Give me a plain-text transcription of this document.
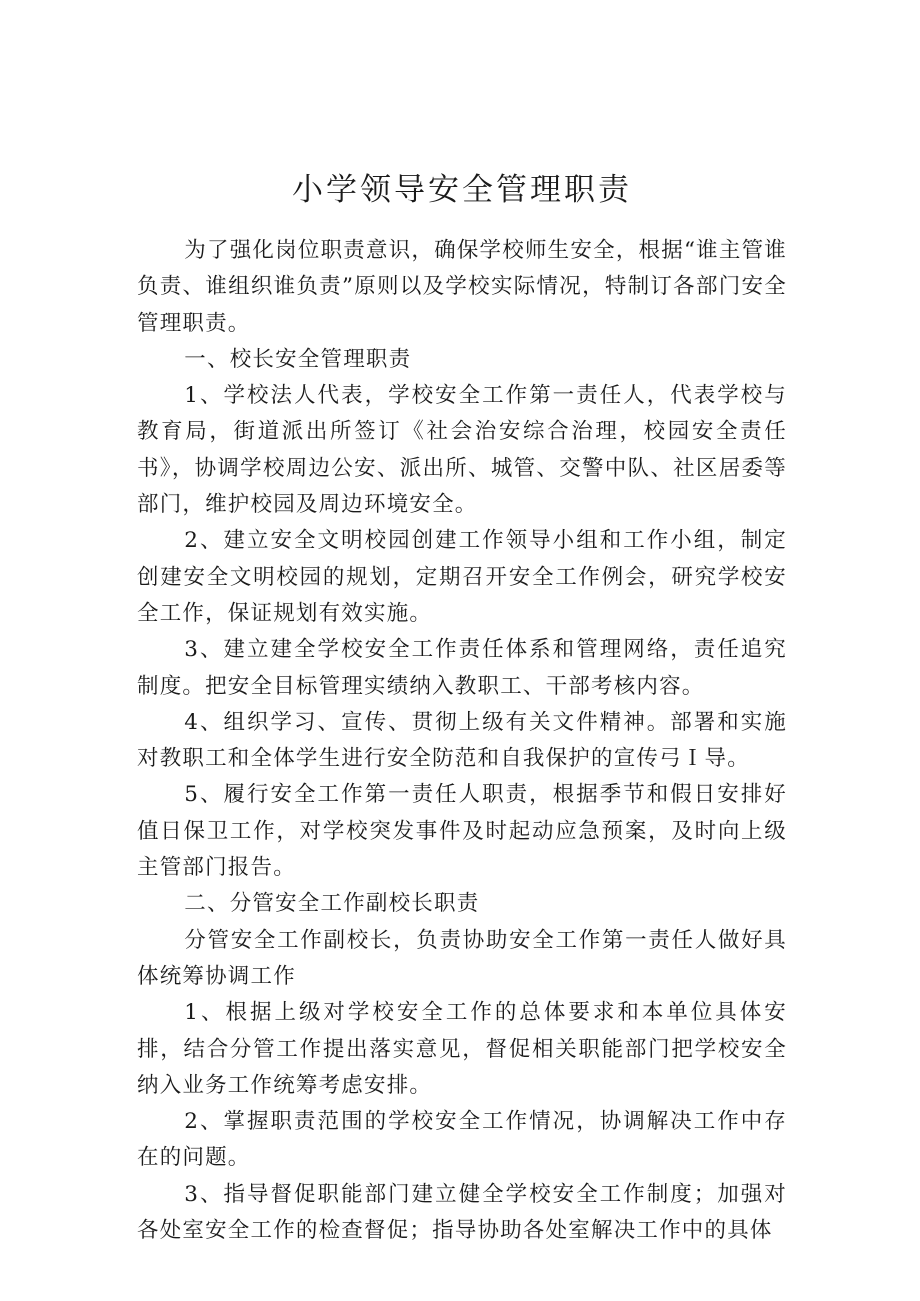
小学领导安全管理职责

为了强化岗位职责意识，确保学校师生安全，根据“谁主管谁负责、谁组织谁负责”原则以及学校实际情况，特制订各部门安全管理职责。

一、校长安全管理职责

1、学校法人代表，学校安全工作第一责任人，代表学校与教育局，街道派出所签订《社会治安综合治理，校园安全责任书》，协调学校周边公安、派出所、城管、交警中队、社区居委等部门，维护校园及周边环境安全。

2、建立安全文明校园创建工作领导小组和工作小组，制定创建安全文明校园的规划，定期召开安全工作例会，研究学校安全工作，保证规划有效实施。

3、建立建全学校安全工作责任体系和管理网络，责任追究制度。把安全目标管理实绩纳入教职工、干部考核内容。

4、组织学习、宣传、贯彻上级有关文件精神。部署和实施对教职工和全体学生进行安全防范和自我保护的宣传弓Ｉ导。

5、履行安全工作第一责任人职责，根据季节和假日安排好值日保卫工作，对学校突发事件及时起动应急预案，及时向上级主管部门报告。

二、分管安全工作副校长职责

分管安全工作副校长，负责协助安全工作第一责任人做好具体统筹协调工作

1、根据上级对学校安全工作的总体要求和本单位具体安排，结合分管工作提出落实意见，督促相关职能部门把学校安全纳入业务工作统筹考虑安排。

2、掌握职责范围的学校安全工作情况，协调解决工作中存在的问题。

3、指导督促职能部门建立健全学校安全工作制度；加强对各处室安全工作的检查督促；指导协助各处室解决工作中的具体
